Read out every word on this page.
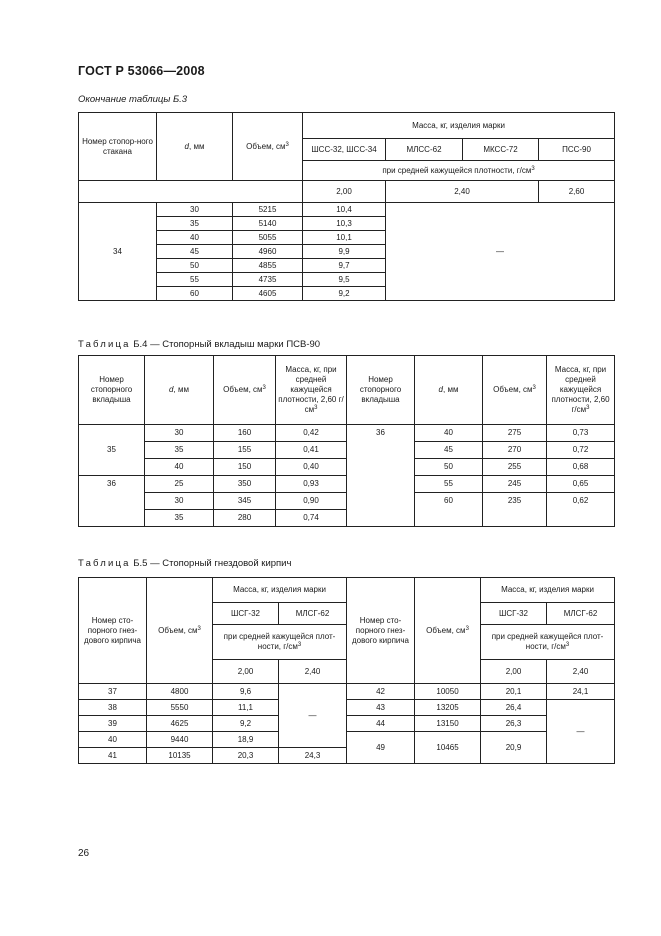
ГОСТ Р 53066—2008
Окончание таблицы Б.3
Номер стопор-ного стакана	d, мм	Объем, $см^3$	Масса, кг, изделия марки			
			ШСС-32, ШСС-34	МЛСС-62	МКСС-72	ПСС-90
			при средней кажущейся плотности, $г/см^3$
			2,00	2,40		2,60
34	30	5215	10,4	—		
	35	5140	10,3			
	40	5055	10,1			
	45	4960	9,9			
	50	4855	9,7			
	55	4735	9,5			
	60	4605	9,2			
Таблица Б.4 — Стопорный вкладыш марки ПСВ-90
Номер стопорного вкладыша	d, мм	Объем, $см^3$	Масса, кг, при средней кажущейся плотности, 2,60 $г/см^3$	Номер стопорного вкладыша	d, мм	Объем, $см^3$	Масса, кг, при средней кажущейся плотности, 2,60 $г/см^3$
35	30	160	0,42	36	40	275	0,73
	35	155	0,41		45	270	0,72
	40	150	0,40		50	255	0,68
36	25	350	0,93		55	245	0,65
	30	345	0,90		60	235	0,62
	35	280	0,74				
Таблица Б.5 — Стопорный гнездовой кирпич
Номер сто-порного гнез-дового кирпича	Объем, $см^3$	Масса, кг, изделия марки		Номер сто-порного гнез-дового кирпича	Объем, $см^3$	Масса, кг, изделия марки	
		ШСГ-32	МЛСГ-62			ШСГ-32	МЛСГ-62
		при средней кажущейся плот-ности, $г/см^3$				при средней кажущейся плот-ности, $г/см^3$
		2,00	2,40			2,00	2,40
37	4800	9,6	—	42	10050	20,1	24,1
38	5550	11,1		43	13205	26,4	—
39	4625	9,2		44	13150	26,3	
40	9440	18,9		49	10465	20,9	
41	10135	20,3	24,3				
26
